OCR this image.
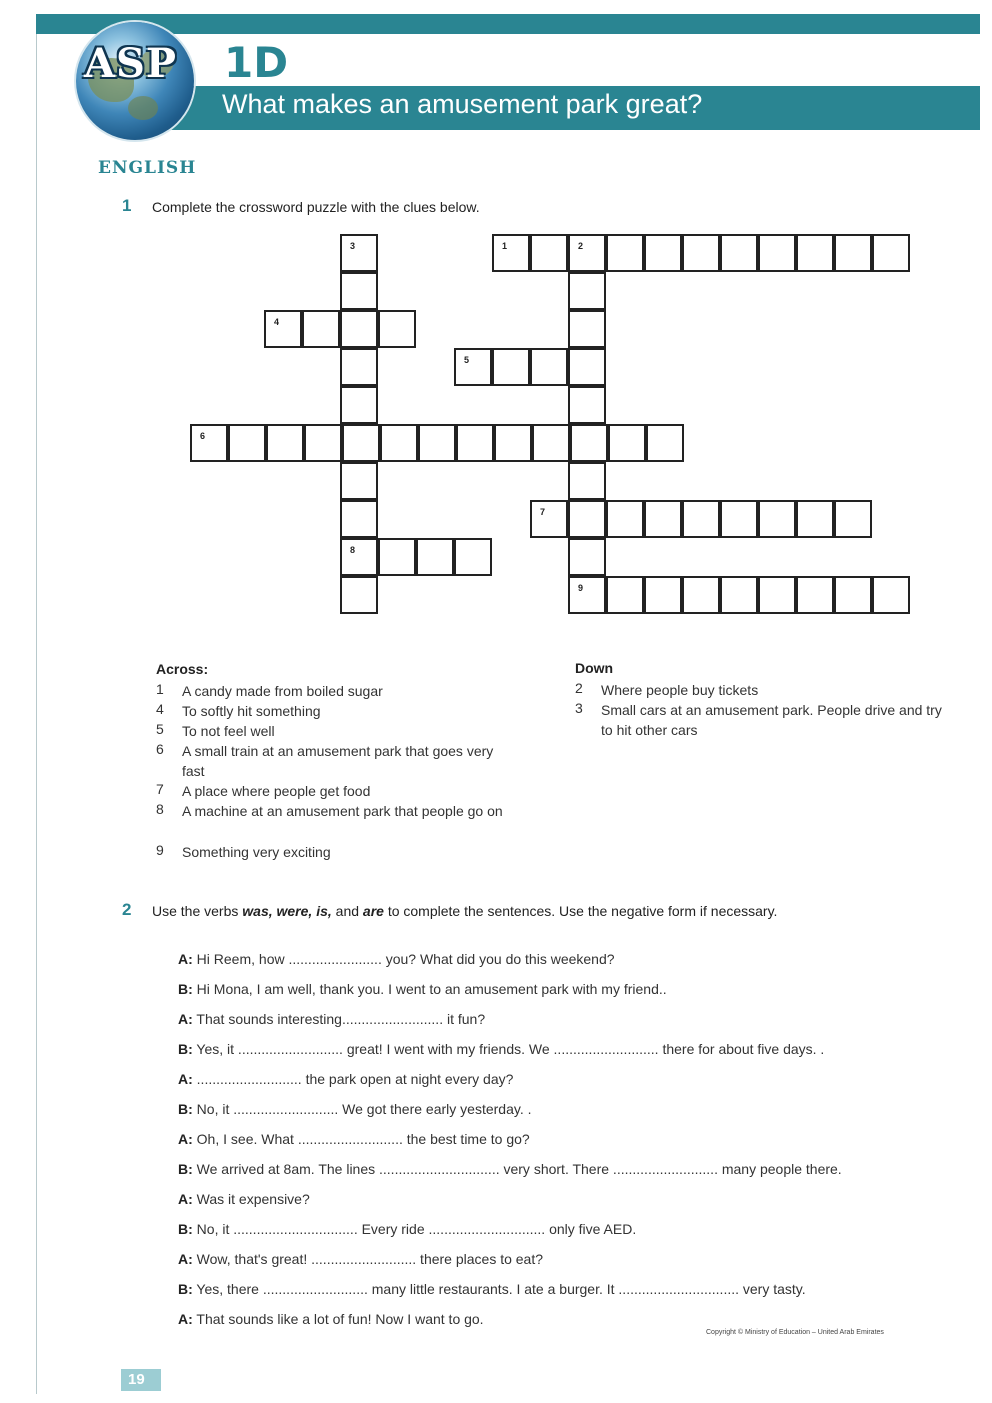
ASP 1D
What makes an amusement park great?
ENGLISH
1 Complete the crossword puzzle with the clues below.
1	2
3
8
9
4
5
6
7
Across:
1 A candy made from boiled sugar
4 To softly hit something
5 To not feel well
6 A small train at an amusement park that goes very fast
7 A place where people get food
8 A machine at an amusement park that people go on
9 Something very exciting
Down
2 Where people buy tickets
3 Small cars at an amusement park. People drive and try to hit other cars
2 Use the verbs was, were, is, and are to complete the sentences. Use the negative form if necessary.
A: Hi Reem, how ........................ you? What did you do this weekend?
B: Hi Mona, I am well, thank you. I went to an amusement park with my friend..
A: That sounds interesting.......................... it fun?
B: Yes, it ........................... great! I went with my friends. We ........................... there for about five days. .
A: ........................... the park open at night every day?
B: No, it ........................... We got there early yesterday. .
A: Oh, I see. What ........................... the best time to go?
B: We arrived at 8am. The lines ............................... very short. There ........................... many people there.
A: Was it expensive?
B: No, it ................................ Every ride .............................. only five AED.
A: Wow, that's great! ........................... there places to eat?
B: Yes, there ........................... many little restaurants. I ate a burger. It ............................... very tasty.
A: That sounds like a lot of fun! Now I want to go.
Copyright © Ministry of Education – United Arab Emirates
19
